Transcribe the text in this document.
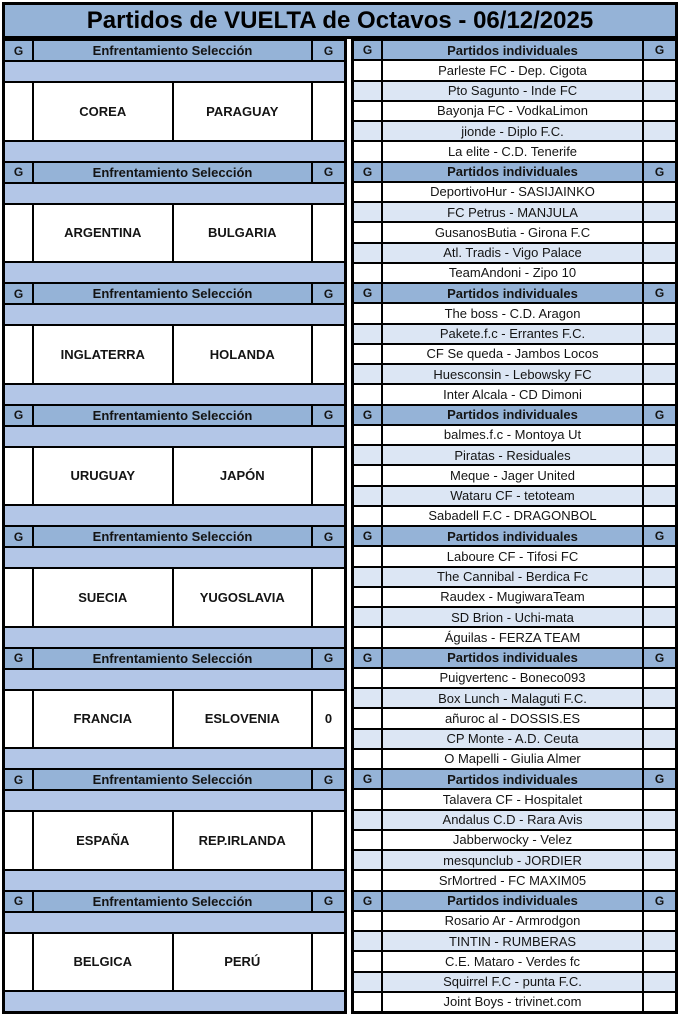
Partidos de VUELTA de Octavos - 06/12/2025
G	Enfrentamiento Selección	G
COREA	PARAGUAY
G	Enfrentamiento Selección	G
ARGENTINA	BULGARIA
G	Enfrentamiento Selección	G
INGLATERRA	HOLANDA
G	Enfrentamiento Selección	G
URUGUAY	JAPÓN
G	Enfrentamiento Selección	G
SUECIA	YUGOSLAVIA
G	Enfrentamiento Selección	G
FRANCIA	ESLOVENIA	0
G	Enfrentamiento Selección	G
ESPAÑA	REP.IRLANDA
G	Enfrentamiento Selección	G
BELGICA	PERÚ
G	Partidos individuales	G
Parleste FC - Dep. Cigota
Pto Sagunto - Inde FC
Bayonja FC - VodkaLimon
jionde - Diplo F.C.
La elite - C.D. Tenerife
G	Partidos individuales	G
DeportivoHur - SASIJAINKO
FC Petrus - MANJULA
GusanosButia - Girona F.C
Atl. Tradis - Vigo Palace
TeamAndoni - Zipo 10
G	Partidos individuales	G
The boss - C.D. Aragon
Pakete.f.c - Errantes F.C.
CF Se queda - Jambos Locos
Huesconsin - Lebowsky FC
Inter Alcala - CD Dimoni
G	Partidos individuales	G
balmes.f.c - Montoya Ut
Piratas - Residuales
Meque - Jager United
Wataru CF - tetoteam
Sabadell F.C - DRAGONBOL
G	Partidos individuales	G
Laboure CF - Tifosi FC
The Cannibal - Berdica Fc
Raudex - MugiwaraTeam
SD Brion - Uchi-mata
Águilas - FERZA TEAM
G	Partidos individuales	G
Puigvertenc - Boneco093
Box Lunch - Malaguti F.C.
añuroc al - DOSSIS.ES
CP Monte - A.D. Ceuta
O Mapelli - Giulia Almer
G	Partidos individuales	G
Talavera CF - Hospitalet
Andalus C.D - Rara Avis
Jabberwocky - Velez
mesqunclub - JORDIER
SrMortred - FC MAXIM05
G	Partidos individuales	G
Rosario Ar - Armrodgon
TINTIN - RUMBERAS
C.E. Mataro - Verdes fc
Squirrel F.C - punta F.C.
Joint Boys - trivinet.com
